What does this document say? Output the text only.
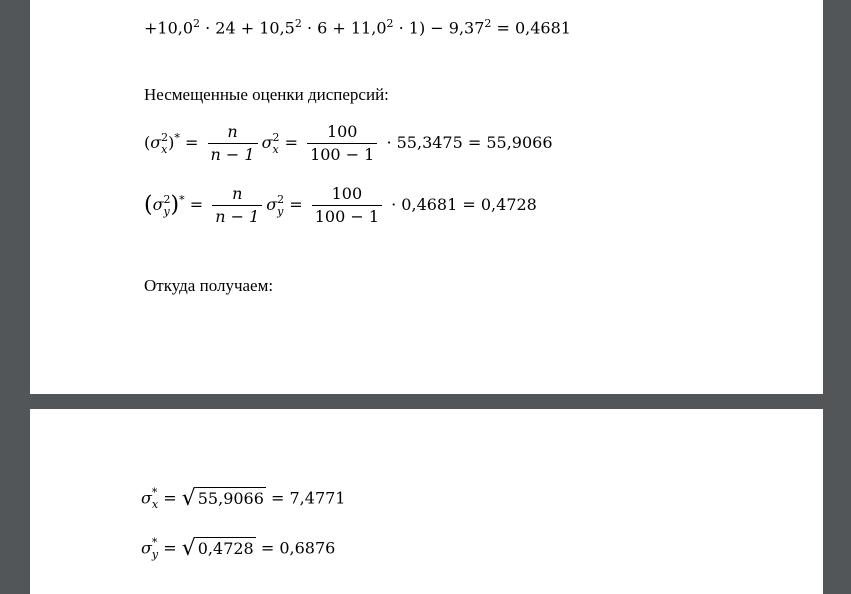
$+10,0^2 \cdot 24 + 10,5^2 \cdot 6 + 11,0^2 \cdot 1) - 9,37^2 = 0,4681$
Несмещенные оценки дисперсий:
(σ 2
x )$^* = \frac{n}{n - 1}$ σ 2
$x = \frac{100}{100 - 1} \cdot 55,3475 = 55,9066$
(σ 2
y )$^* = \frac{n}{n - 1}$ σ 2
$y = \frac{100}{100 - 1} \cdot 0,4681 = 0,4728$
Откуда получаем:
σ *
x = √ 55,9066 = 7,4771
σ *
y = √ 0,4728 = 0,6876
